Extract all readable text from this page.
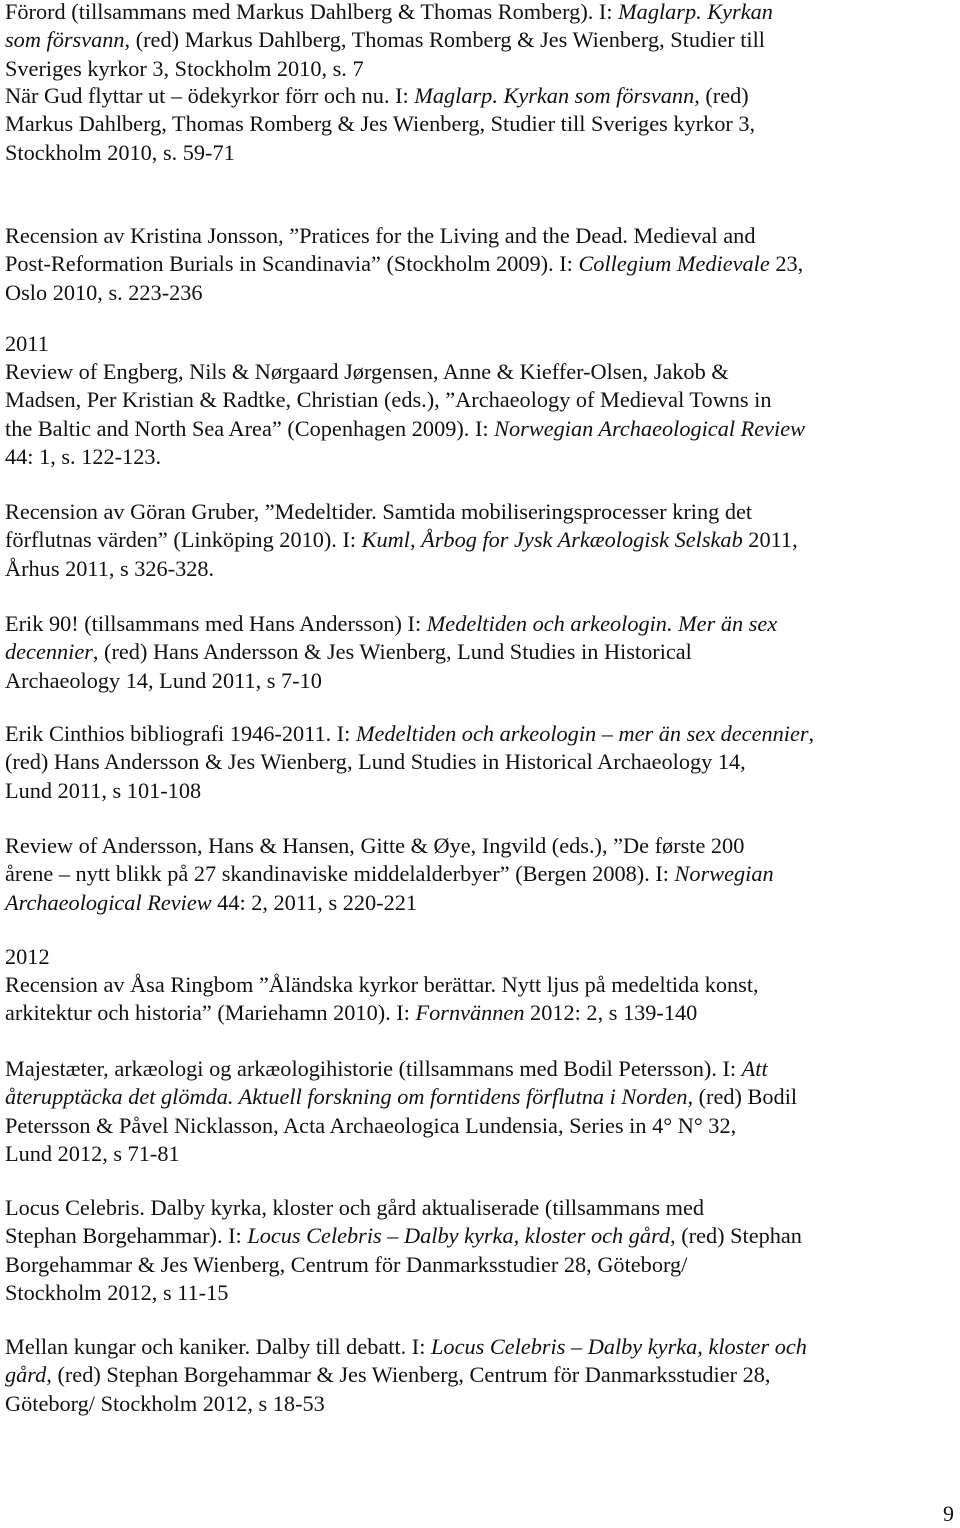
Förord (tillsammans med Markus Dahlberg & Thomas Romberg). I: Maglarp. Kyrkan
som försvann, (red) Markus Dahlberg, Thomas Romberg & Jes Wienberg, Studier till
Sveriges kyrkor 3, Stockholm 2010, s. 7
När Gud flyttar ut – ödekyrkor förr och nu. I: Maglarp. Kyrkan som försvann, (red)
Markus Dahlberg, Thomas Romberg & Jes Wienberg, Studier till Sveriges kyrkor 3,
Stockholm 2010, s. 59-71
Recension av Kristina Jonsson, ”Pratices for the Living and the Dead. Medieval and
Post-Reformation Burials in Scandinavia” (Stockholm 2009). I: Collegium Medievale 23,
Oslo 2010, s. 223-236
2011
Review of Engberg, Nils & Nørgaard Jørgensen, Anne & Kieffer-Olsen, Jakob &
Madsen, Per Kristian & Radtke, Christian (eds.), ”Archaeology of Medieval Towns in
the Baltic and North Sea Area” (Copenhagen 2009). I: Norwegian Archaeological Review
44: 1, s. 122-123.
Recension av Göran Gruber, ”Medeltider. Samtida mobiliseringsprocesser kring det
förflutnas värden” (Linköping 2010). I: Kuml, Årbog for Jysk Arkæologisk Selskab 2011,
Århus 2011, s 326-328.
Erik 90! (tillsammans med Hans Andersson) I: Medeltiden och arkeologin. Mer än sex
decennier, (red) Hans Andersson & Jes Wienberg, Lund Studies in Historical
Archaeology 14, Lund 2011, s 7-10
Erik Cinthios bibliografi 1946-2011. I: Medeltiden och arkeologin – mer än sex decennier,
(red) Hans Andersson & Jes Wienberg, Lund Studies in Historical Archaeology 14,
Lund 2011, s 101-108
Review of Andersson, Hans & Hansen, Gitte & Øye, Ingvild (eds.), ”De første 200
årene – nytt blikk på 27 skandinaviske middelalderbyer” (Bergen 2008). I: Norwegian
Archaeological Review 44: 2, 2011, s 220-221
2012
Recension av Åsa Ringbom ”Åländska kyrkor berättar. Nytt ljus på medeltida konst,
arkitektur och historia” (Mariehamn 2010). I: Fornvännen 2012: 2, s 139-140
Majestæter, arkæologi og arkæologihistorie (tillsammans med Bodil Petersson). I: Att
återupptäcka det glömda. Aktuell forskning om forntidens förflutna i Norden, (red) Bodil
Petersson & Påvel Nicklasson, Acta Archaeologica Lundensia, Series in 4° N° 32,
Lund 2012, s 71-81
Locus Celebris. Dalby kyrka, kloster och gård aktualiserade (tillsammans med
Stephan Borgehammar). I: Locus Celebris – Dalby kyrka, kloster och gård, (red) Stephan
Borgehammar & Jes Wienberg, Centrum för Danmarksstudier 28, Göteborg/
Stockholm 2012, s 11-15
Mellan kungar och kaniker. Dalby till debatt. I: Locus Celebris – Dalby kyrka, kloster och
gård, (red) Stephan Borgehammar & Jes Wienberg, Centrum för Danmarksstudier 28,
Göteborg/ Stockholm 2012, s 18-53
9
